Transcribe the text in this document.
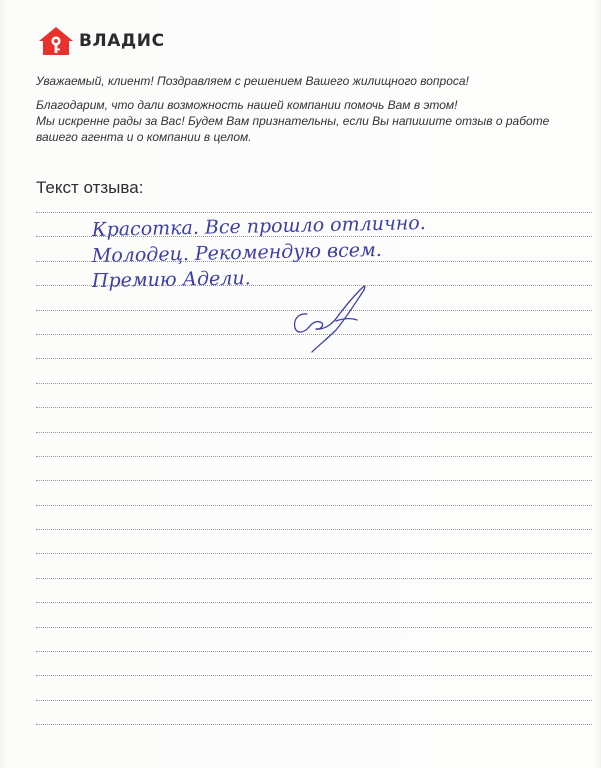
ВЛАДИС

Уважаемый, клиент! Поздравляем с решением Вашего жилищного вопроса!

Благодарим, что дали возможность нашей компании помочь Вам в этом!
Мы искренне рады за Вас! Будем Вам признательны, если Вы напишите отзыв о работе
вашего агента и о компании в целом.

Текст отзыва:
Красотка. Все прошло отлично.
Молодец. Рекомендую всем.
Премию Адели.
